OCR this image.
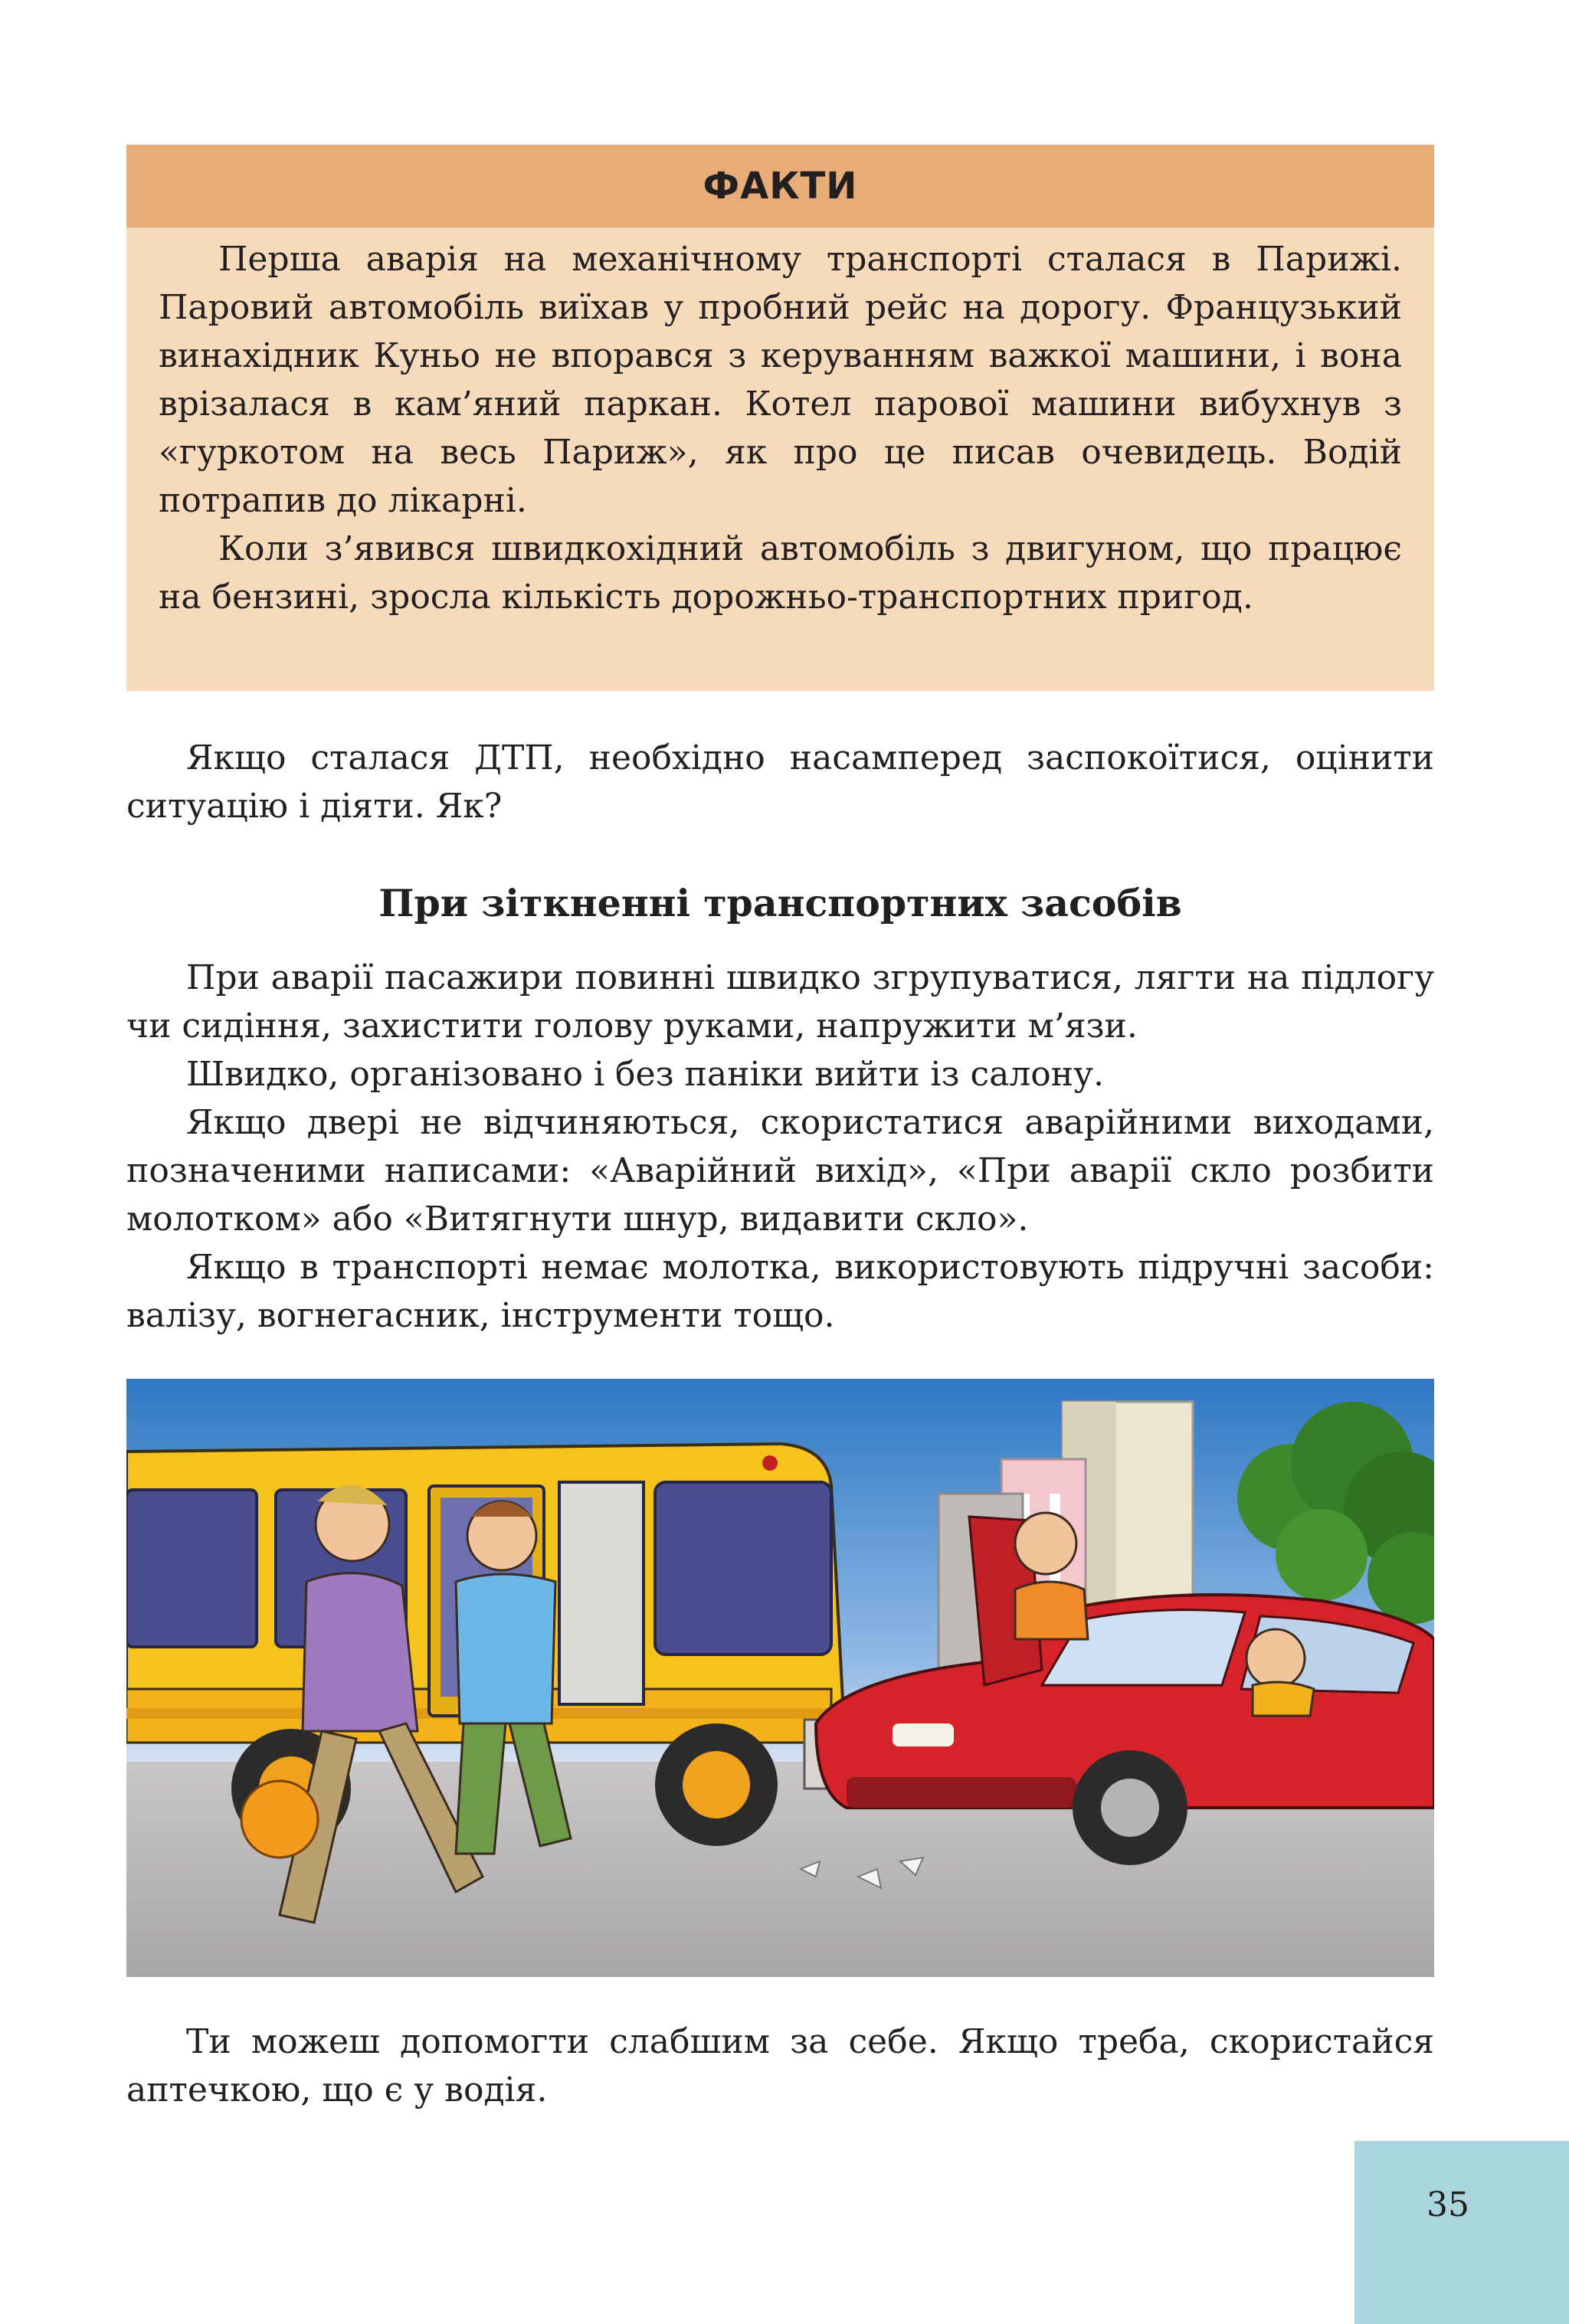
ФАКТИ

Перша аварія на механічному транспорті сталася в Парижі. Паровий автомобіль виїхав у пробний рейс на дорогу. Французький винахідник Куньо не впорався з керуванням важкої машини, і вона врізалася в кам’яний паркан. Котел парової машини вибухнув з «гуркотом на весь Париж», як про це писав очевидець. Водій потрапив до лікарні.

Коли з’явився швидкохідний автомобіль з двигуном, що працює на бензині, зросла кількість дорожньо-транспортних пригод.

Якщо сталася ДТП, необхідно насамперед заспокоїтися, оцінити ситуацію і діяти. Як?

При зіткненні транспортних засобів

При аварії пасажири повинні швидко згрупуватися, лягти на підлогу чи сидіння, захистити голову руками, напружити м’язи.

Швидко, організовано і без паніки вийти із салону.

Якщо двері не відчиняються, скористатися аварійними виходами, позначеними написами: «Аварійний вихід», «При аварії скло розбити молотком» або «Витягнути шнур, видавити скло».

Якщо в транспорті немає молотка, використовують підручні засоби: валізу, вогнегасник, інструменти тощо.

Ти можеш допомогти слабшим за себе. Якщо треба, скористайся аптечкою, що є у водія.

35
